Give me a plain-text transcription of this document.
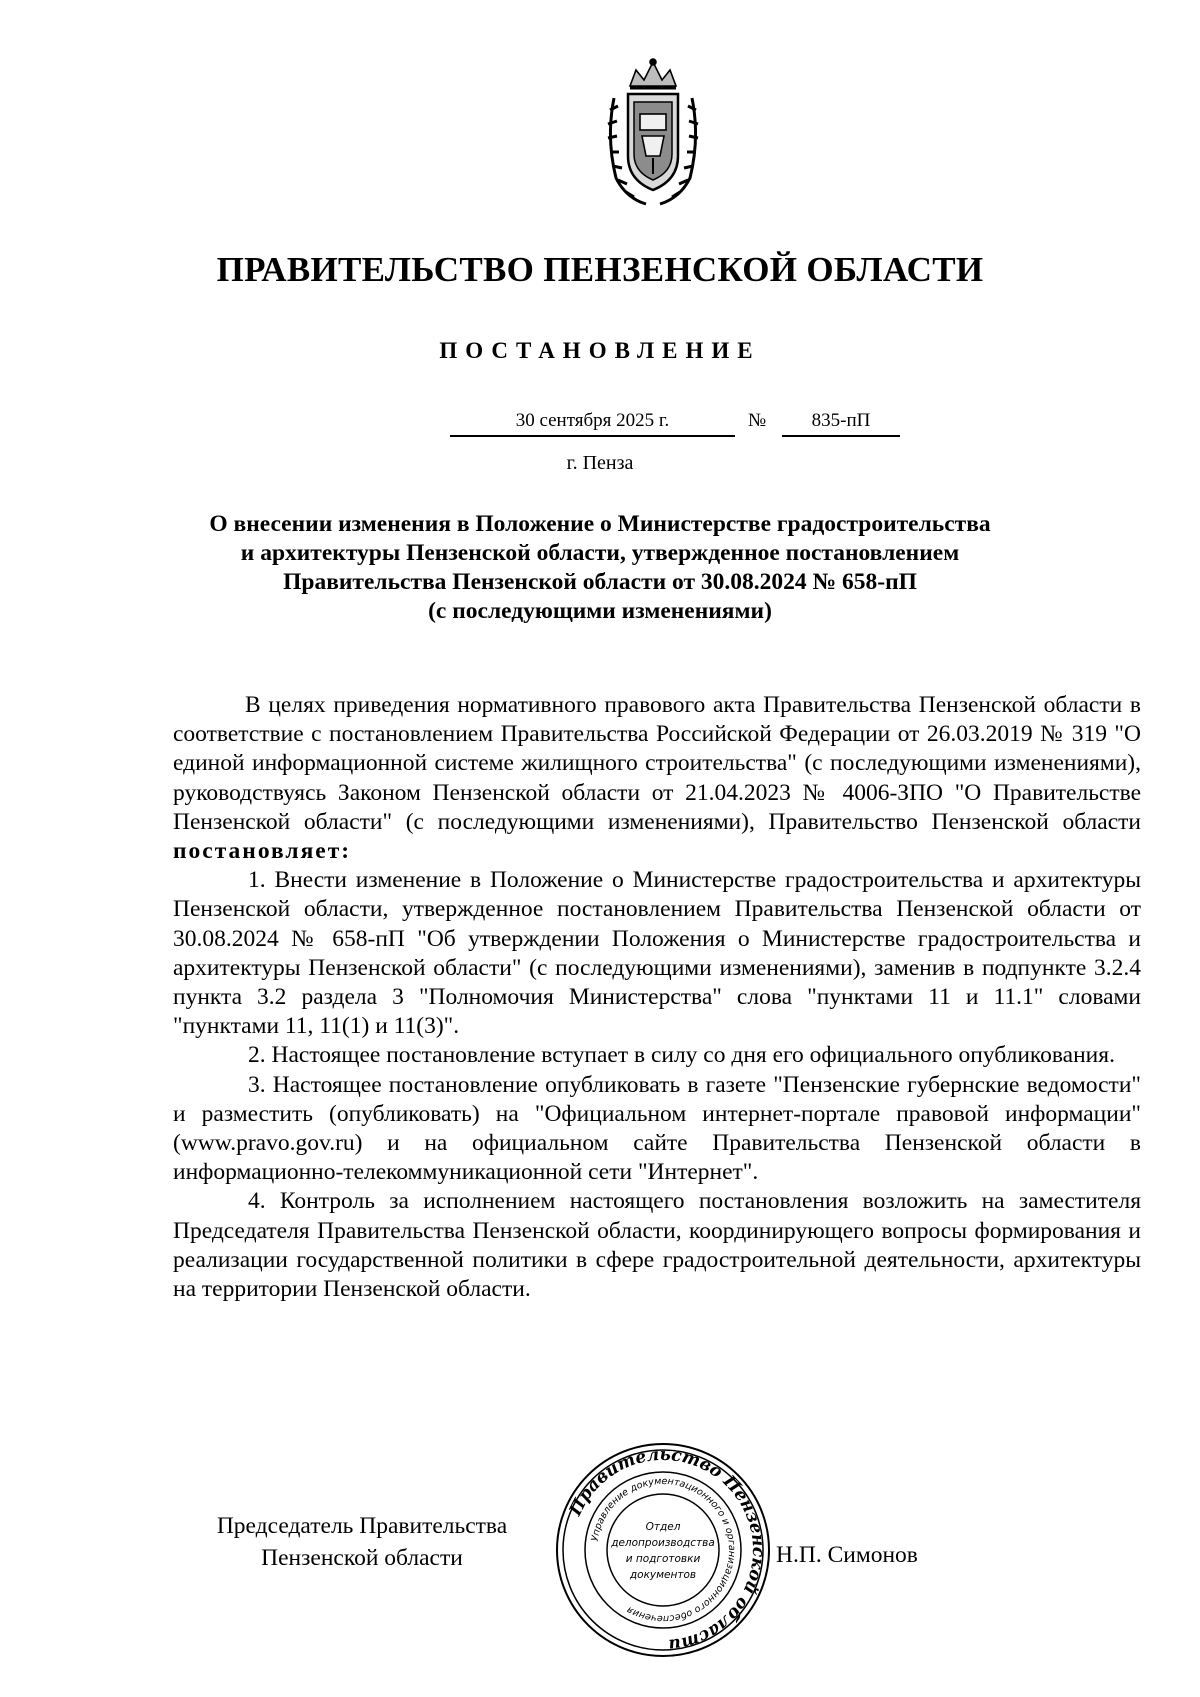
ПРАВИТЕЛЬСТВО ПЕНЗЕНСКОЙ ОБЛАСТИ
ПОСТАНОВЛЕНИЕ
30 сентября 2025 г.	№	835-пП
г. Пенза
О внесении изменения в Положение о Министерстве градостроительства
и архитектуры Пензенской области, утвержденное постановлением
Правительства Пензенской области от 30.08.2024 № 658-пП
(с последующими изменениями)

В целях приведения нормативного правового акта Правительства Пензенской области в соответствие с постановлением Правительства Российской Федерации от 26.03.2019 № 319 "О единой информационной системе жилищного строительства" (с последующими изменениями), руководствуясь Законом Пензенской области от 21.04.2023 № 4006-ЗПО "О Правительстве Пензенской области" (с последующими изменениями), Правительство Пензенской области постановляет:

1. Внести изменение в Положение о Министерстве градостроительства и архитектуры Пензенской области, утвержденное постановлением Правительства Пензенской области от 30.08.2024 № 658-пП "Об утверждении Положения о Министерстве градостроительства и архитектуры Пензенской области" (с последующими изменениями), заменив в подпункте 3.2.4 пункта 3.2 раздела 3 "Полномочия Министерства" слова "пунктами 11 и 11.1" словами "пунктами 11, 11(1) и 11(3)".

2. Настоящее постановление вступает в силу со дня его официального опубликования.

3. Настоящее постановление опубликовать в газете "Пензенские губернские ведомости" и разместить (опубликовать) на "Официальном интернет-портале правовой информации" (www.pravo.gov.ru) и на официальном сайте Правительства Пензенской области в информационно-телекоммуникационной сети "Интернет".

4. Контроль за исполнением настоящего постановления возложить на заместителя Председателя Правительства Пензенской области, координирующего вопросы формирования и реализации государственной политики в сфере градостроительной деятельности, архитектуры на территории Пензенской области.

Председатель Правительства
Пензенской области
Правительство Пензенской области
Управление документационного и организационного обеспечения
Отдел
делопроизводства
и подготовки
документов
Н.П. Симонов
